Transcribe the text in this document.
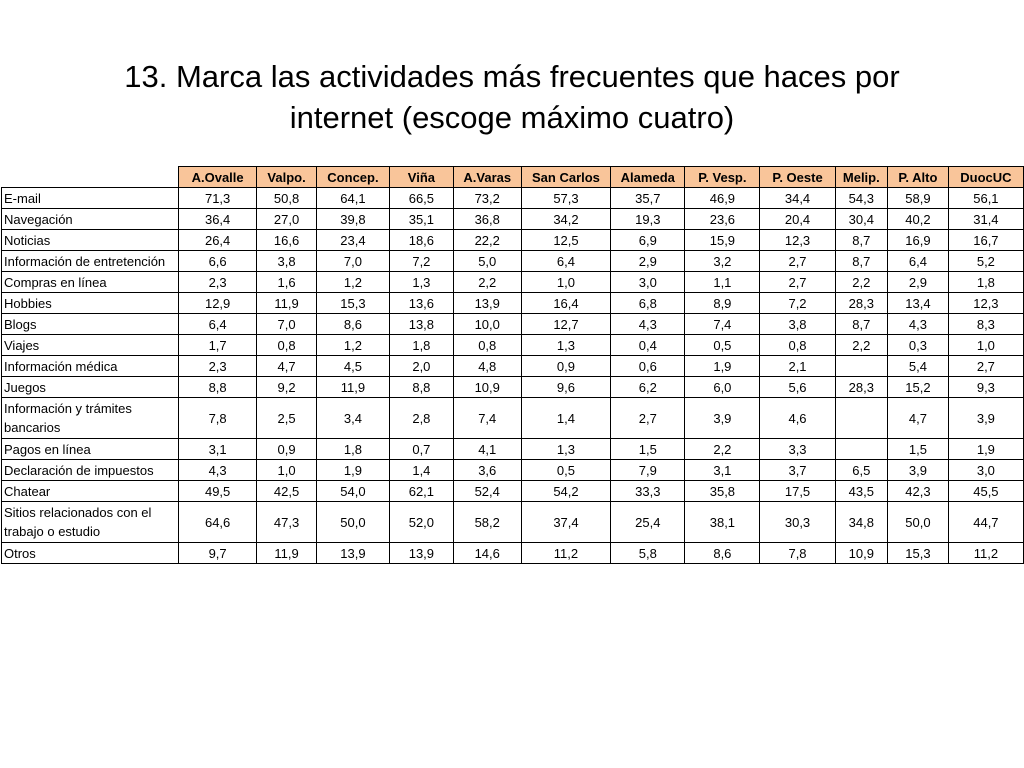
13. Marca las actividades más frecuentes que haces por
internet (escoge máximo cuatro)
	A.Ovalle	Valpo.	Concep.	Viña	A.Varas	San Carlos	Alameda	P. Vesp.	P. Oeste	Melip.	P. Alto	DuocUC
E-mail	71,3	50,8	64,1	66,5	73,2	57,3	35,7	46,9	34,4	54,3	58,9	56,1
Navegación	36,4	27,0	39,8	35,1	36,8	34,2	19,3	23,6	20,4	30,4	40,2	31,4
Noticias	26,4	16,6	23,4	18,6	22,2	12,5	6,9	15,9	12,3	8,7	16,9	16,7
Información de entretención	6,6	3,8	7,0	7,2	5,0	6,4	2,9	3,2	2,7	8,7	6,4	5,2
Compras en línea	2,3	1,6	1,2	1,3	2,2	1,0	3,0	1,1	2,7	2,2	2,9	1,8
Hobbies	12,9	11,9	15,3	13,6	13,9	16,4	6,8	8,9	7,2	28,3	13,4	12,3
Blogs	6,4	7,0	8,6	13,8	10,0	12,7	4,3	7,4	3,8	8,7	4,3	8,3
Viajes	1,7	0,8	1,2	1,8	0,8	1,3	0,4	0,5	0,8	2,2	0,3	1,0
Información médica	2,3	4,7	4,5	2,0	4,8	0,9	0,6	1,9	2,1		5,4	2,7
Juegos	8,8	9,2	11,9	8,8	10,9	9,6	6,2	6,0	5,6	28,3	15,2	9,3
Información y trámites bancarios	7,8	2,5	3,4	2,8	7,4	1,4	2,7	3,9	4,6		4,7	3,9
Pagos en línea	3,1	0,9	1,8	0,7	4,1	1,3	1,5	2,2	3,3		1,5	1,9
Declaración de impuestos	4,3	1,0	1,9	1,4	3,6	0,5	7,9	3,1	3,7	6,5	3,9	3,0
Chatear	49,5	42,5	54,0	62,1	52,4	54,2	33,3	35,8	17,5	43,5	42,3	45,5
Sitios relacionados con el trabajo o estudio	64,6	47,3	50,0	52,0	58,2	37,4	25,4	38,1	30,3	34,8	50,0	44,7
Otros	9,7	11,9	13,9	13,9	14,6	11,2	5,8	8,6	7,8	10,9	15,3	11,2
